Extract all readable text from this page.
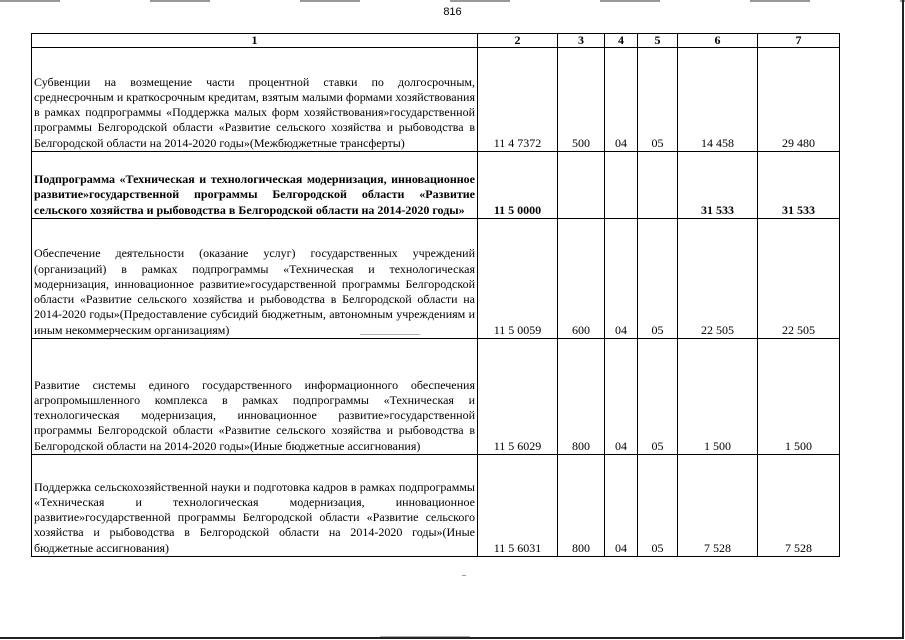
816
1	2	3	4	5	6	7
Субвенции на возмещение части процентной ставки по долгосрочным, среднесрочным и краткосрочным кредитам, взятым малыми формами хозяйствования в рамках подпрограммы «Поддержка малых форм хозяйствования»государственной программы Белгородской области «Развитие сельского хозяйства и рыбоводства в Белгородской области на 2014-2020 годы»(Межбюджетные трансферты)	11 4 7372	500	04	05	14 458	29 480
Подпрограмма «Техническая и технологическая модернизация, инновационное развитие»государственной программы Белгородской области «Развитие сельского хозяйства и рыбоводства в Белгородской области на 2014-2020 годы»	11 5 0000				31 533	31 533
Обеспечение деятельности (оказание услуг) государственных учреждений (организаций) в рамках подпрограммы «Техническая и технологическая модернизация, инновационное развитие»государственной программы Белгородской области «Развитие сельского хозяйства и рыбоводства в Белгородской области на 2014-2020 годы»(Предоставление субсидий бюджетным, автономным учреждениям и иным некоммерческим организациям)	11 5 0059	600	04	05	22 505	22 505
Развитие системы единого государственного информационного обеспечения агропромышленного комплекса в рамках подпрограммы «Техническая и технологическая модернизация, инновационное развитие»государственной программы Белгородской области «Развитие сельского хозяйства и рыбоводства в Белгородской области на 2014-2020 годы»(Иные бюджетные ассигнования)	11 5 6029	800	04	05	1 500	1 500
Поддержка сельскохозяйственной науки и подготовка кадров в рамках подпрограммы «Техническая и технологическая модернизация, инновационное развитие»государственной программы Белгородской области «Развитие сельского хозяйства и рыбоводства в Белгородской области на 2014-2020 годы»(Иные бюджетные ассигнования)	11 5 6031	800	04	05	7 528	7 528
